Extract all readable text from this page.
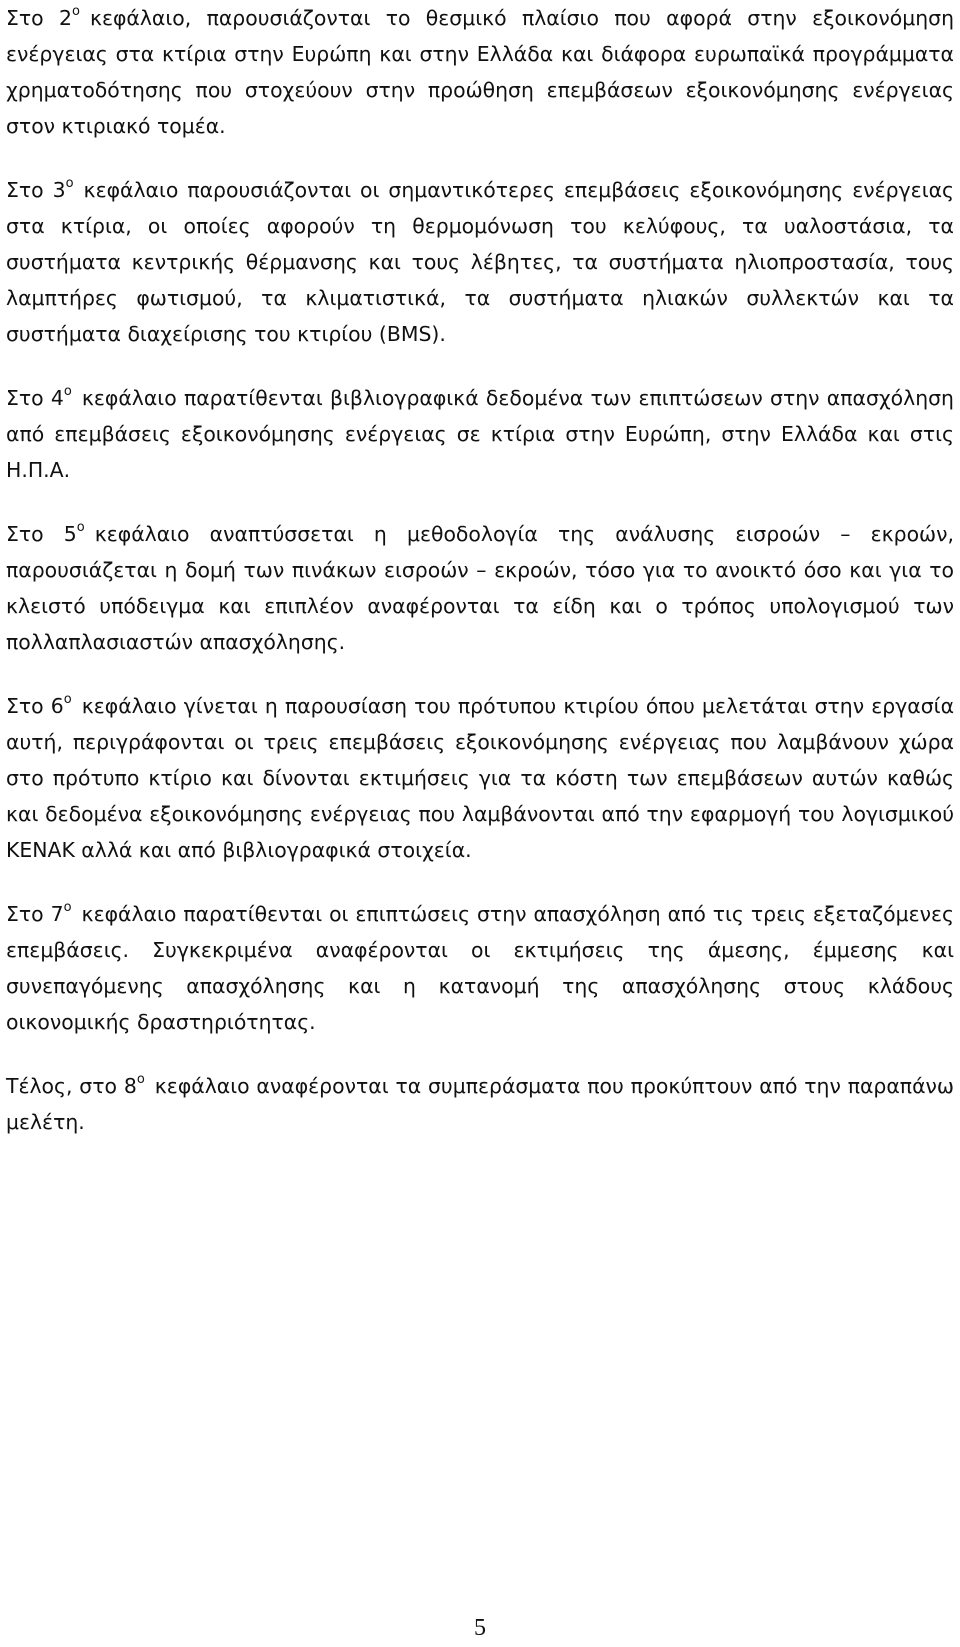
Στο $2^o$ κεφάλαιο, παρουσιάζονται το θεσμικό πλαίσιο που αφορά στην εξοικονόμηση ενέργειας στα κτίρια στην Ευρώπη και στην Ελλάδα και διάφορα ευρωπαϊκά προγράμματα χρηματοδότησης που στοχεύουν στην προώθηση επεμβάσεων εξοικονόμησης ενέργειας στον κτιριακό τομέα.

Στο $3^o$ κεφάλαιο παρουσιάζονται οι σημαντικότερες επεμβάσεις εξοικονόμησης ενέργειας στα κτίρια, οι οποίες αφορούν τη θερμομόνωση του κελύφους, τα υαλοστάσια, τα συστήματα κεντρικής θέρμανσης και τους λέβητες, τα συστήματα ηλιοπροστασία, τους λαμπτήρες φωτισμού, τα κλιματιστικά, τα συστήματα ηλιακών συλλεκτών και τα συστήματα διαχείρισης του κτιρίου (BMS).

Στο $4^o$ κεφάλαιο παρατίθενται βιβλιογραφικά δεδομένα των επιπτώσεων στην απασχόληση από επεμβάσεις εξοικονόμησης ενέργειας σε κτίρια στην Ευρώπη, στην Ελλάδα και στις Η.Π.Α.

Στο $5^o$ κεφάλαιο αναπτύσσεται η μεθοδολογία της ανάλυσης εισροών – εκροών, παρουσιάζεται η δομή των πινάκων εισροών – εκροών, τόσο για το ανοικτό όσο και για το κλειστό υπόδειγμα και επιπλέον αναφέρονται τα είδη και ο τρόπος υπολογισμού των πολλαπλασιαστών απασχόλησης.

Στο $6^o$ κεφάλαιο γίνεται η παρουσίαση του πρότυπου κτιρίου όπου μελετάται στην εργασία αυτή, περιγράφονται οι τρεις επεμβάσεις εξοικονόμησης ενέργειας που λαμβάνουν χώρα στο πρότυπο κτίριο και δίνονται εκτιμήσεις για τα κόστη των επεμβάσεων αυτών καθώς και δεδομένα εξοικονόμησης ενέργειας που λαμβάνονται από την εφαρμογή του λογισμικού ΚΕΝΑΚ αλλά και από βιβλιογραφικά στοιχεία.

Στο $7^o$ κεφάλαιο παρατίθενται οι επιπτώσεις στην απασχόληση από τις τρεις εξεταζόμενες επεμβάσεις. Συγκεκριμένα αναφέρονται οι εκτιμήσεις της άμεσης, έμμεσης και συνεπαγόμενης απασχόλησης και η κατανομή της απασχόλησης στους κλάδους οικονομικής δραστηριότητας.

Τέλος, στο $8^o$ κεφάλαιο αναφέρονται τα συμπεράσματα που προκύπτουν από την παραπάνω μελέτη.

5
